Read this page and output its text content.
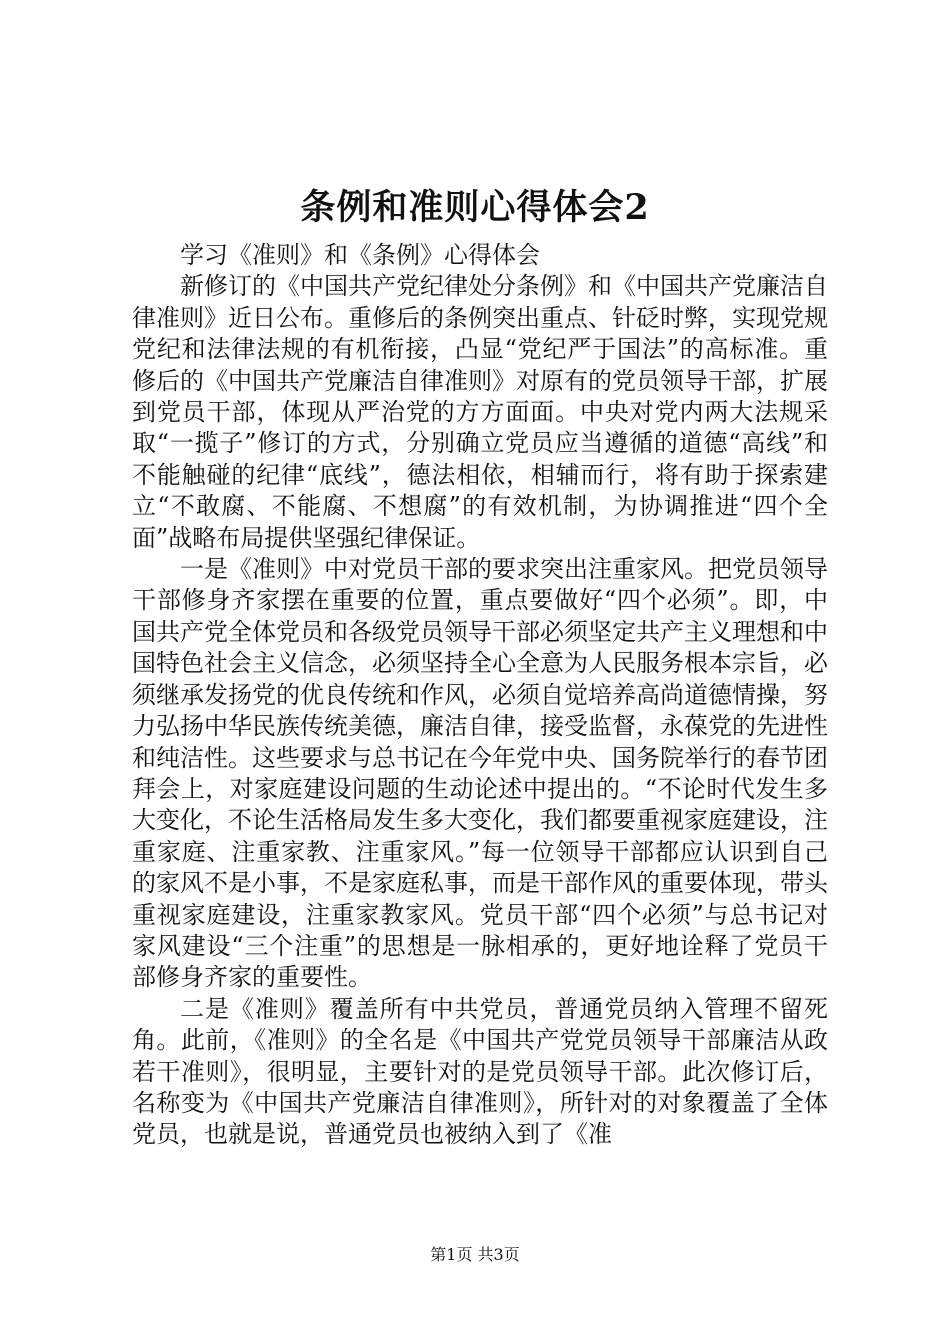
条例和准则心得体会2

学习《准则》和《条例》心得体会

新修订的《中国共产党纪律处分条例》和《中国共产党廉洁自律准则》近日公布。重修后的条例突出重点、针砭时弊，实现党规党纪和法律法规的有机衔接，凸显“党纪严于国法”的高标准。重修后的《中国共产党廉洁自律准则》对原有的党员领导干部，扩展到党员干部，体现从严治党的方方面面。中央对党内两大法规采取“一揽子”修订的方式，分别确立党员应当遵循的道德“高线”和不能触碰的纪律“底线”，德法相依，相辅而行，将有助于探索建立“不敢腐、不能腐、不想腐”的有效机制，为协调推进“四个全面”战略布局提供坚强纪律保证。

一是《准则》中对党员干部的要求突出注重家风。把党员领导干部修身齐家摆在重要的位置，重点要做好“四个必须”。即，中国共产党全体党员和各级党员领导干部必须坚定共产主义理想和中国特色社会主义信念，必须坚持全心全意为人民服务根本宗旨，必须继承发扬党的优良传统和作风，必须自觉培养高尚道德情操，努力弘扬中华民族传统美德，廉洁自律，接受监督，永葆党的先进性和纯洁性。这些要求与总书记在今年党中央、国务院举行的春节团拜会上，对家庭建设问题的生动论述中提出的。“不论时代发生多大变化，不论生活格局发生多大变化，我们都要重视家庭建设，注重家庭、注重家教、注重家风。”每一位领导干部都应认识到自己的家风不是小事，不是家庭私事，而是干部作风的重要体现，带头重视家庭建设，注重家教家风。党员干部“四个必须”与总书记对家风建设“三个注重”的思想是一脉相承的，更好地诠释了党员干部修身齐家的重要性。

二是《准则》覆盖所有中共党员，普通党员纳入管理不留死角。此前，《准则》的全名是《中国共产党党员领导干部廉洁从政若干准则》，很明显，主要针对的是党员领导干部。此次修订后，名称变为《中国共产党廉洁自律准则》，所针对的对象覆盖了全体党员，也就是说，普通党员也被纳入到了《准

第1页 共3页
